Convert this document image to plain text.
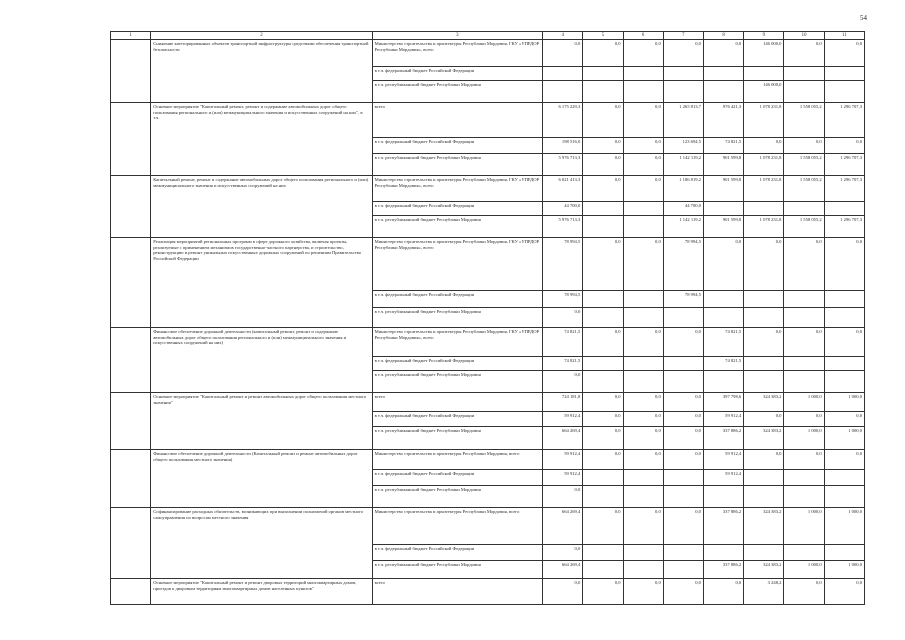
54
1	2	3	4	5	6	7	8	9	10	11
	Снижение категорированных объектов транспортной инфраструктуры средствами обеспечения транспортной безопасности	Министерство строительства и архитектуры Республики Мордовия, ГКУ «УПРДОР Республики Мордовия», всего	0,0	0,0	0,0	0,0	0,0	146 000,0	0,0	0,0
		в т.ч. федеральный бюджет Российской Федерации								
		в т.ч. республиканский бюджет Республики Мордовия						146 000,0		
	Основное мероприятие "Капитальный ремонт, ремонт и содержание автомобильных дорог общего пользования регионального и (или) межмуниципального значения и искусственных сооружений на них", в т.ч.	всего	6 175 229,3	0,0	0,0	1 265 813,7	976 421,3	1 078 231,8	1 558 055,2	1 296 707,3
		в т.ч. федеральный бюджет Российской Федерации	198 516,0	0,0	0,0	123 694,5	74 821,5	0,0	0,0	0,0
		в т.ч. республиканский бюджет Республики Мордовия	5 976 713,3	0,0	0,0	1 142 119,2	901 599,8	1 078 231,8	1 558 055,2	1 296 707,3
	Капитальный ремонт, ремонт и содержание автомобильных дорог общего пользования регионального и (или) межмуниципального значения и искусственных сооружений на них	Министерство строительства и архитектуры Республики Мордовия, ГКУ «УПРДОР Республики Мордовия», всего	6 021 413,3	0,0	0,0	1 186 819,2	901 599,8	1 078 231,8	1 558 055,2	1 296 707,3
		в т.ч. федеральный бюджет Российской Федерации	44 700,0			44 700,0				
		в т.ч. республиканский бюджет Республики Мордовия	5 976 713,3			1 142 119,2	901 599,8	1 078 231,8	1 558 055,2	1 296 707,3
	Реализация мероприятий региональных программ в сфере дорожного хозяйства, включая проекты, реализуемые с применением механизмов государственно-частного партнерства, и строительство, реконструкцию и ремонт уникальных искусственных дорожных сооружений по решениям Правительства Российской Федерации	Министерство строительства и архитектуры Республики Мордовия, ГКУ «УПРДОР Республики Мордовия», всего	78 994,5	0,0	0,0	78 994,5	0,0	0,0	0,0	0,0
		в т.ч. федеральный бюджет Российской Федерации	78 994,5			78 994,5				
		в т.ч. республиканский бюджет Республики Мордовия	0,0							
	Финансовое обеспечение дорожной деятельности (капитальный ремонт, ремонт и содержание автомобильных дорог общего пользования регионального и (или) межмуниципального значения и искусственных сооружений на них)	Министерство строительства и архитектуры Республики Мордовия, ГКУ «УПРДОР Республики Мордовия», всего	74 821,5	0,0	0,0	0,0	74 821,5	0,0	0,0	0,0
		в т.ч. федеральный бюджет Российской Федерации	74 821,5				74 821,5			
		в т.ч. республиканский бюджет Республики Мордовия	0,0							
	Основное мероприятие "Капитальный ремонт и ремонт автомобильных дорог общего пользования местного значения"	всего	724 181,8	0,0	0,0	0,0	397 798,6	324 383,2	1 000,0	1 000,0
		в т.ч. федеральный бюджет Российской Федерации	59 912,4	0,0	0,0	0,0	59 912,4	0,0	0,0	0,0
		в т.ч. республиканский бюджет Республики Мордовия	664 269,4	0,0	0,0	0,0	337 886,2	324 383,2	1 000,0	1 000,0
	Финансовое обеспечение дорожной деятельности (Капитальный ремонт и ремонт автомобильных дорог общего пользования местного значения)	Министерство строительства и архитектуры Республики Мордовия, всего	59 912,4	0,0	0,0	0,0	59 912,4	0,0	0,0	0,0
		в т.ч. федеральный бюджет Российской Федерации	59 912,4				59 912,4			
		в т.ч. республиканский бюджет Республики Мордовия	0,0							
	Софинансирование расходных обязательств, возникающих при выполнении полномочий органов местного самоуправления по вопросам местного значения	Министерство строительства и архитектуры Республики Мордовия, всего	664 269,4	0,0	0,0	0,0	337 886,2	324 383,2	1 000,0	1 000,0
		в т.ч. федеральный бюджет Российской Федерации	0,0							
		в т.ч. республиканский бюджет Республики Мордовия	664 269,4				337 886,2	324 383,2	1 000,0	1 000,0
	Основное мероприятие "Капитальный ремонт и ремонт дворовых территорий многоквартирных домов, проездов к дворовым территориям многоквартирных домов населенных пунктов"	всего	0,0	0,0	0,0	0,0	0,0	3 248,2	0,0	0,0
